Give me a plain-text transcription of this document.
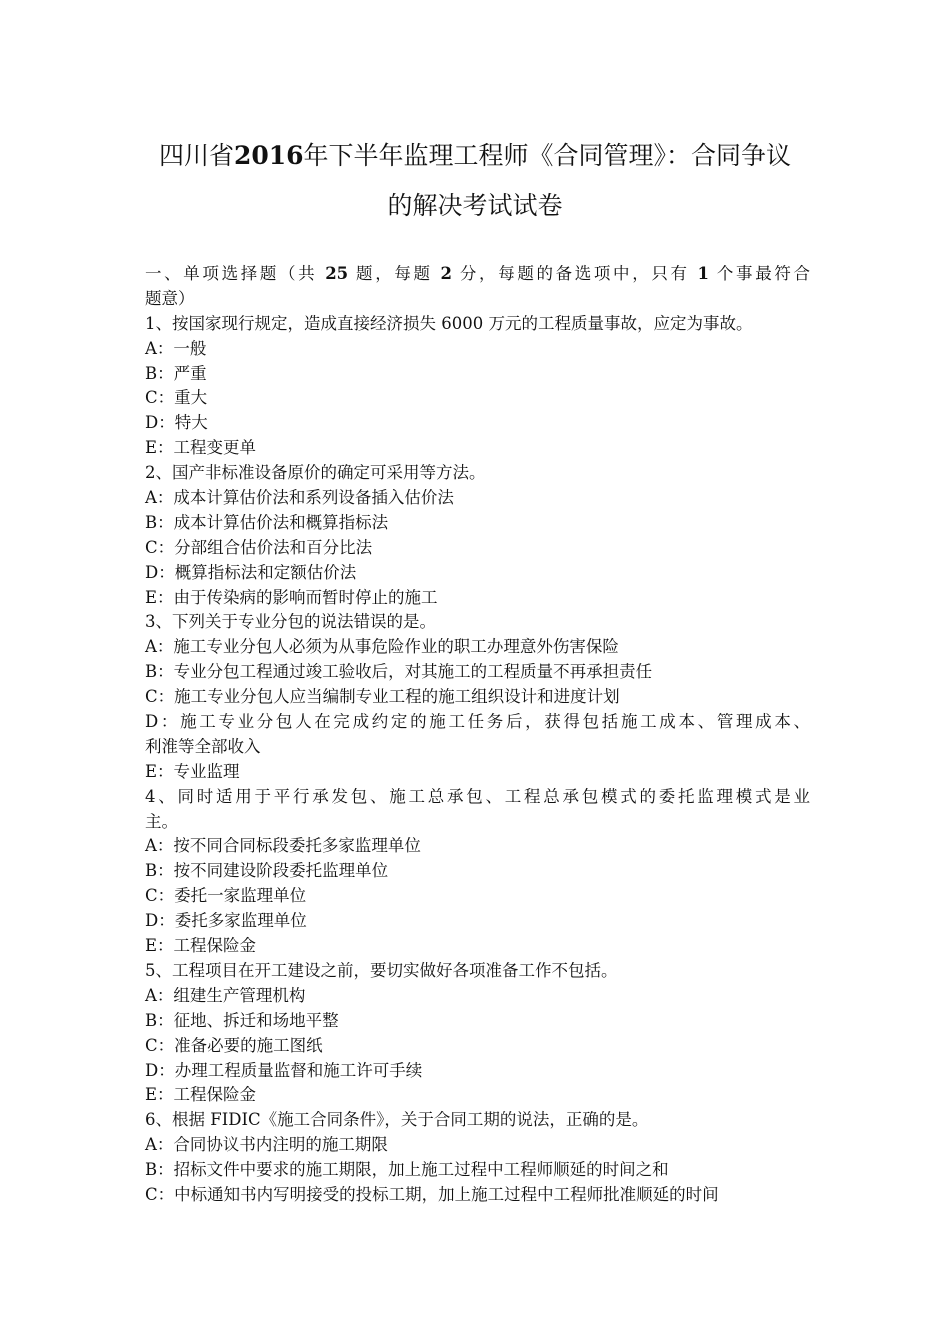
四川省2016年下半年监理工程师《合同管理》：合同争议
的解决考试试卷
一、单项选择题（共 25 题，每题 2 分，每题的备选项中，只有 1 个事最符合
题意）
1、按国家现行规定，造成直接经济损失 6000 万元的工程质量事故，应定为事故。
A：一般
B：严重
C：重大
D：特大
E：工程变更单
2、国产非标准设备原价的确定可采用等方法。
A：成本计算估价法和系列设备插入估价法
B：成本计算估价法和概算指标法
C：分部组合估价法和百分比法
D：概算指标法和定额估价法
E：由于传染病的影响而暂时停止的施工
3、下列关于专业分包的说法错误的是。
A：施工专业分包人必须为从事危险作业的职工办理意外伤害保险
B：专业分包工程通过竣工验收后，对其施工的工程质量不再承担责任
C：施工专业分包人应当编制专业工程的施工组织设计和进度计划
D：施工专业分包人在完成约定的施工任务后，获得包括施工成本、管理成本、
利淮等全部收入
E：专业监理
4、同时适用于平行承发包、施工总承包、工程总承包模式的委托监理模式是业
主。
A：按不同合同标段委托多家监理单位
B：按不同建设阶段委托监理单位
C：委托一家监理单位
D：委托多家监理单位
E：工程保险金
5、工程项目在开工建设之前，要切实做好各项准备工作不包括。
A：组建生产管理机构
B：征地、拆迁和场地平整
C：准备必要的施工图纸
D：办理工程质量监督和施工许可手续
E：工程保险金
6、根据 FIDIC《施工合同条件》，关于合同工期的说法，正确的是。
A：合同协议书内注明的施工期限
B：招标文件中要求的施工期限，加上施工过程中工程师顺延的时间之和
C：中标通知书内写明接受的投标工期，加上施工过程中工程师批准顺延的时间
